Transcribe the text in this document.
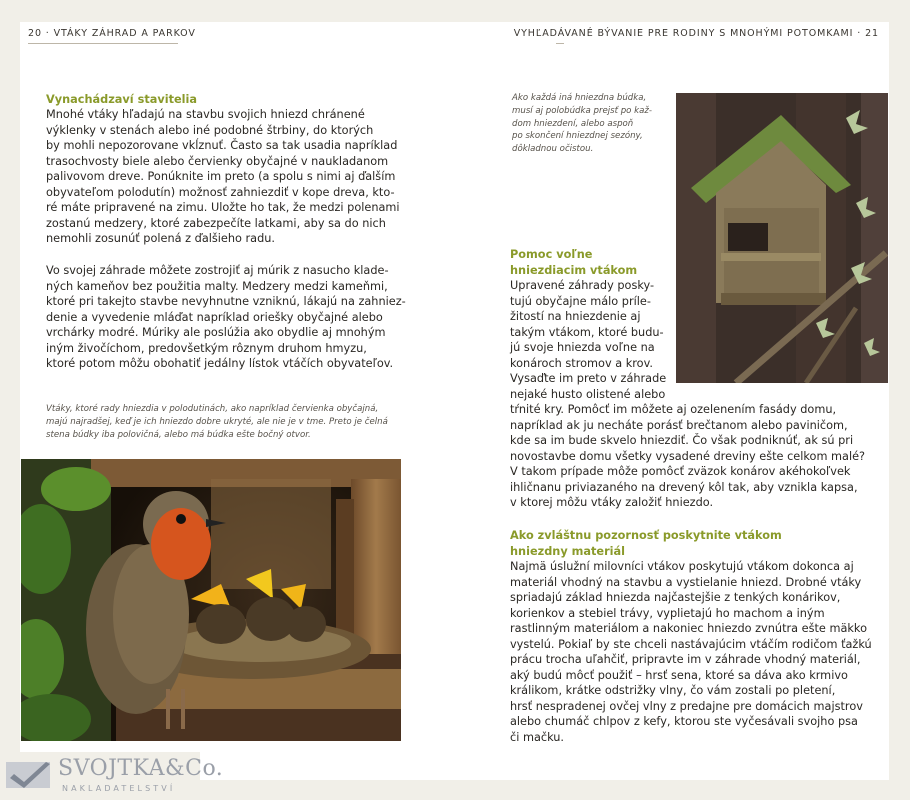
20 · VTÁKY ZÁHRAD A PARKOV	VYHĽADÁVANÉ BÝVANIE PRE RODINY S MNOHÝMI POTOMKAMI · 21
Vynachádzaví stavitelia
Mnohé vtáky hľadajú na stavbu svojich hniezd chránené
výklenky v stenách alebo iné podobné štrbiny, do ktorých
by mohli nepozorovane vkĺznuť. Často sa tak usadia napríklad
trasochvosty biele alebo červienky obyčajné v naukladanom
palivovom dreve. Ponúknite im preto (a spolu s nimi aj ďalším
obyvateľom polodutín) možnosť zahniezdiť v kope dreva, kto-
ré máte pripravené na zimu. Uložte ho tak, že medzi polenami
zostanú medzery, ktoré zabezpečíte latkami, aby sa do nich
nemohli zosunúť polená z ďalšieho radu.
Vo svojej záhrade môžete zostrojiť aj múrik z nasucho klade-
ných kameňov bez použitia malty. Medzery medzi kameňmi,
ktoré pri takejto stavbe nevyhnutne vzniknú, lákajú na zahniez-
denie a vyvedenie mláďat napríklad oriešky obyčajné alebo
vrchárky modré. Múriky ale poslúžia ako obydlie aj mnohým
iným živočíchom, predovšetkým rôznym druhom hmyzu,
ktoré potom môžu obohatiť jedálny lístok vtáčích obyvateľov.
Vtáky, ktoré rady hniezdia v polodutinách, ako napríklad červienka obyčajná,
majú najradšej, keď je ich hniezdo dobre ukryté, ale nie je v tme. Preto je čelná
stena búdky iba polovičná, alebo má búdka ešte bočný otvor.
Ako každá iná hniezdna búdka,
musí aj polobúdka prejsť po kaž-
dom hniezdení, alebo aspoň
po skončení hniezdnej sezóny,
dôkladnou očistou.
Pomoc voľne
hniezdiacim vtákom
Upravené záhrady posky-
tujú obyčajne málo príle-
žitostí na hniezdenie aj
takým vtákom, ktoré budu-
jú svoje hniezda voľne na
konároch stromov a krov.
Vysaďte im preto v záhrade
nejaké husto olistené alebo
tŕnité kry. Pomôcť im môžete aj ozelenením fasády domu,
napríklad ak ju necháte porásť brečtanom alebo paviničom,
kde sa im bude skvelo hniezdiť. Čo však podniknúť, ak sú pri
novostavbe domu všetky vysadené dreviny ešte celkom malé?
V takom prípade môže pomôcť zväzok konárov akéhokoľvek
ihličnanu priviazaného na drevený kôl tak, aby vznikla kapsa,
v ktorej môžu vtáky založiť hniezdo.
Ako zvláštnu pozornosť poskytnite vtákom
hniezdny materiál
Najmä úslužní milovníci vtákov poskytujú vtákom dokonca aj
materiál vhodný na stavbu a vystielanie hniezd. Drobné vtáky
spriadajú základ hniezda najčastejšie z tenkých konárikov,
korienkov a stebiel trávy, vyplietajú ho machom a iným
rastlinným materiálom a nakoniec hniezdo zvnútra ešte mäkko
vystelú. Pokiaľ by ste chceli nastávajúcim vtáčím rodičom ťažkú
prácu trocha uľahčiť, pripravte im v záhrade vhodný materiál,
aký budú môcť použiť – hrsť sena, ktoré sa dáva ako krmivo
králikom, krátke odstrižky vlny, čo vám zostali po pletení,
hrsť nespradenej ovčej vlny z predajne pre domácich majstrov
alebo chumáč chlpov z kefy, ktorou ste vyčesávali svojho psa
či mačku.
SVOJTKA&Co.
NAKLADATELSTVÍ
